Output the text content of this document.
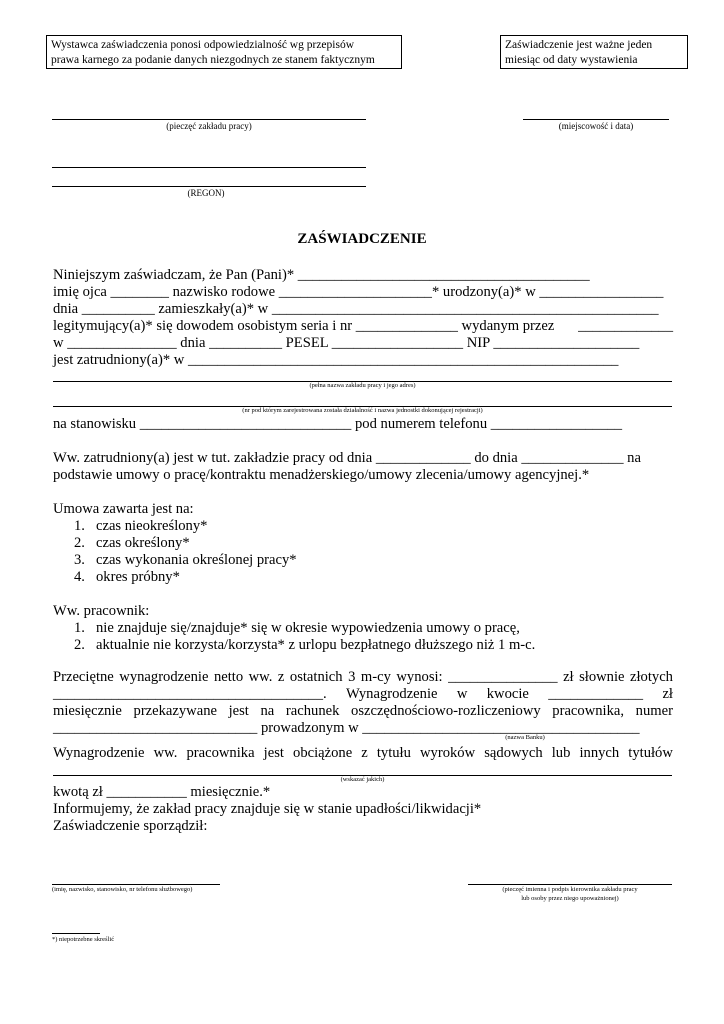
Wystawca zaświadczenia ponosi odpowiedzialność wg przepisów
prawa karnego za podanie danych niezgodnych ze stanem faktycznym
Zaświadczenie jest ważne jeden
miesiąc od daty wystawienia
(pieczęć zakładu pracy)	(miejscowość i data)
(REGON)
ZAŚWIADCZENIE
Niniejszym zaświadczam, że Pan (Pani)* ________________________________________
imię ojca ________ nazwisko rodowe _____________________* urodzony(a)* w _________________
dnia __________ zamieszkały(a)* w _____________________________________________________
legitymujący(a)* się dowodem osobistym seria i nr ______________ wydanym przez _____________
w _______________ dnia __________ PESEL __________________ NIP ____________________
jest zatrudniony(a)* w ___________________________________________________________
(pełna nazwa zakładu pracy i jego adres)
(nr pod którym zarejestrowana została działalność i nazwa jednostki dokonującej rejestracji)
na stanowisku _____________________________ pod numerem telefonu __________________
Ww. zatrudniony(a) jest w tut. zakładzie pracy od dnia _____________ do dnia ______________ na
podstawie umowy o pracę/kontraktu menadżerskiego/umowy zlecenia/umowy agencyjnej.*
Umowa zawarta jest na:
1. czas nieokreślony*
2. czas określony*
3. czas wykonania określonej pracy*
4. okres próbny*
Ww. pracownik:
1. nie znajduje się/znajduje* się w okresie wypowiedzenia umowy o pracę,
2. aktualnie nie korzysta/korzysta* z urlopu bezpłatnego dłuższego niż 1 m-c.
Przeciętne wynagrodzenie netto ww. z ostatnich 3 m-cy wynosi: _______________ zł słownie złotych
_____________________________________. Wynagrodzenie w kwocie _____________ zł
miesięcznie przekazywane jest na rachunek oszczędnościowo-rozliczeniowy pracownika, numer
____________________________ prowadzonym w ______________________________________
(nazwa Banku)
Wynagrodzenie ww. pracownika jest obciążone z tytułu wyroków sądowych lub innych tytułów
(wskazać jakich)
kwotą zł ___________ miesięcznie.*
Informujemy, że zakład pracy znajduje się w stanie upadłości/likwidacji*
Zaświadczenie sporządził:
(imię, nazwisko, stanowisko, nr telefonu służbowego)	(pieczęć imienna i podpis kierownika zakładu pracy
lub osoby przez niego upoważnionej)
*) niepotrzebne skreślić
